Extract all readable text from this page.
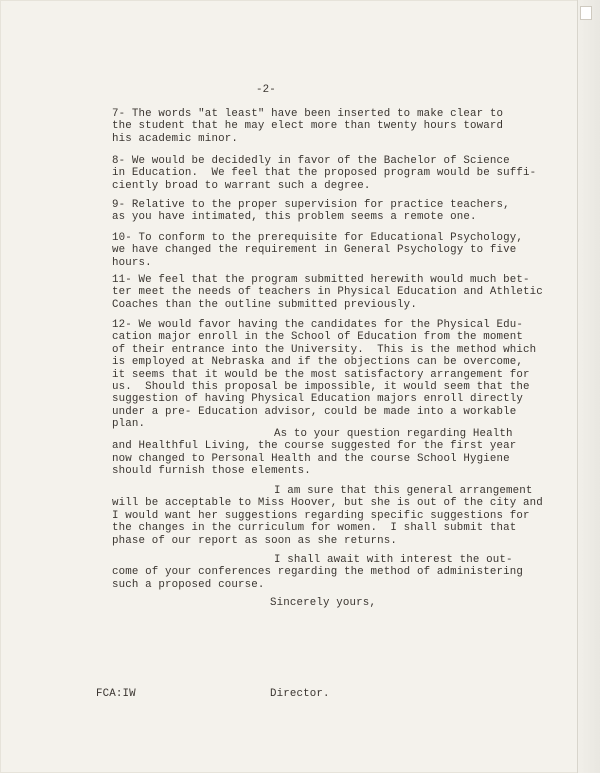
-2-
7- The words "at least" have been inserted to make clear to
the student that he may elect more than twenty hours toward
his academic minor.
8- We would be decidedly in favor of the Bachelor of Science
in Education.  We feel that the proposed program would be suffi-
ciently broad to warrant such a degree.
9- Relative to the proper supervision for practice teachers,
as you have intimated, this problem seems a remote one.
10- To conform to the prerequisite for Educational Psychology,
we have changed the requirement in General Psychology to five
hours.
11- We feel that the program submitted herewith would much bet-
ter meet the needs of teachers in Physical Education and Athletic
Coaches than the outline submitted previously.
12- We would favor having the candidates for the Physical Edu-
cation major enroll in the School of Education from the moment
of their entrance into the University.  This is the method which
is employed at Nebraska and if the objections can be overcome,
it seems that it would be the most satisfactory arrangement for
us.  Should this proposal be impossible, it would seem that the
suggestion of having Physical Education majors enroll directly
under a pre- Education advisor, could be made into a workable
plan.
As to your question regarding Health
and Healthful Living, the course suggested for the first year
now changed to Personal Health and the course School Hygiene
should furnish those elements.
I am sure that this general arrangement
will be acceptable to Miss Hoover, but she is out of the city and
I would want her suggestions regarding specific suggestions for
the changes in the curriculum for women.  I shall submit that
phase of our report as soon as she returns.
I shall await with interest the out-
come of your conferences regarding the method of administering
such a proposed course.
Sincerely yours,
FCA:IW	Director.
